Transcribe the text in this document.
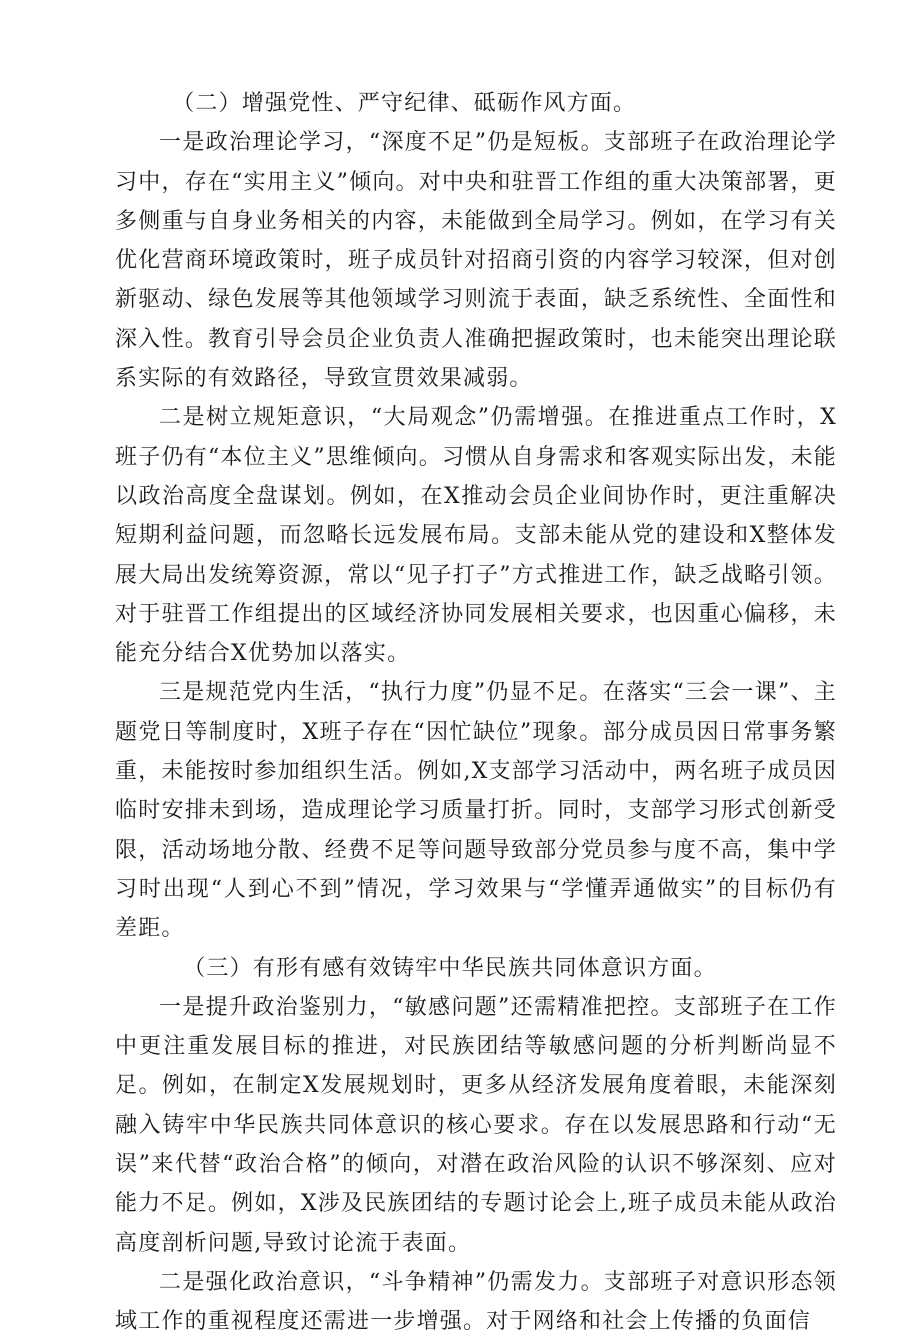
（二）增强党性、严守纪律、砥砺作风方面。

一是政治理论学习，“深度不足”仍是短板。支部班子在政治理论学习中，存在“实用主义”倾向。对中央和驻晋工作组的重大决策部署，更多侧重与自身业务相关的内容，未能做到全局学习。例如，在学习有关优化营商环境政策时，班子成员针对招商引资的内容学习较深，但对创新驱动、绿色发展等其他领域学习则流于表面，缺乏系统性、全面性和深入性。教育引导会员企业负责人准确把握政策时，也未能突出理论联系实际的有效路径，导致宣贯效果减弱。

二是树立规矩意识，“大局观念”仍需增强。在推进重点工作时，X班子仍有“本位主义”思维倾向。习惯从自身需求和客观实际出发，未能以政治高度全盘谋划。例如，在X推动会员企业间协作时，更注重解决短期利益问题，而忽略长远发展布局。支部未能从党的建设和X整体发展大局出发统筹资源，常以“见子打子”方式推进工作，缺乏战略引领。对于驻晋工作组提出的区域经济协同发展相关要求，也因重心偏移，未能充分结合X优势加以落实。

三是规范党内生活，“执行力度”仍显不足。在落实“三会一课”、主题党日等制度时，X班子存在“因忙缺位”现象。部分成员因日常事务繁重，未能按时参加组织生活。例如,X支部学习活动中，两名班子成员因临时安排未到场，造成理论学习质量打折。同时，支部学习形式创新受限，活动场地分散、经费不足等问题导致部分党员参与度不高，集中学习时出现“人到心不到”情况，学习效果与“学懂弄通做实”的目标仍有差距。

（三）有形有感有效铸牢中华民族共同体意识方面。

一是提升政治鉴别力，“敏感问题”还需精准把控。支部班子在工作中更注重发展目标的推进，对民族团结等敏感问题的分析判断尚显不足。例如，在制定X发展规划时，更多从经济发展角度着眼，未能深刻融入铸牢中华民族共同体意识的核心要求。存在以发展思路和行动“无误”来代替“政治合格”的倾向，对潜在政治风险的认识不够深刻、应对能力不足。例如，X涉及民族团结的专题讨论会上,班子成员未能从政治高度剖析问题,导致讨论流于表面。

二是强化政治意识，“斗争精神”仍需发力。支部班子对意识形态领域工作的重视程度还需进一步增强。对于网络和社会上传播的负面信
